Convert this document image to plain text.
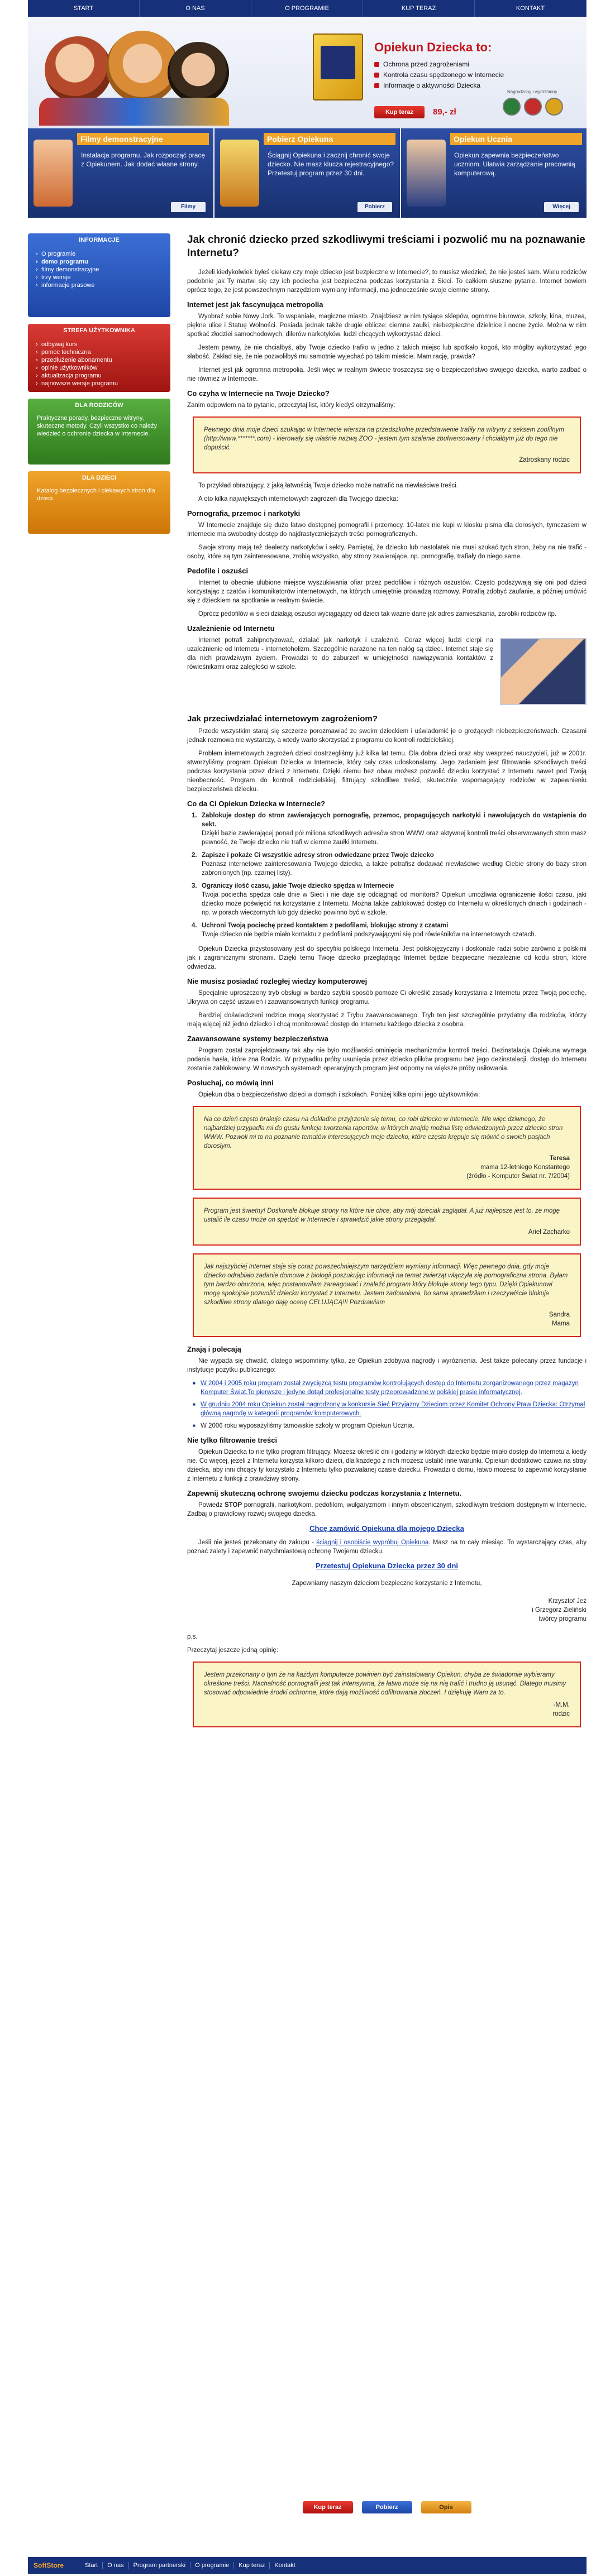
START	O NAS	O PROGRAMIE	KUP TERAZ	KONTAKT
Opiekun Dziecka to:
Ochrona przed zagrożeniami
Kontrola czasu spędzonego w Internecie
Informacje o aktywności Dziecka
Kup teraz	89,- zł
Nagrodzony i wyróżniony
Filmy demonstracyjne

Instalacja programu. Jak rozpocząć pracę z Opiekunem. Jak dodać własne strony.

Filmy
Pobierz Opiekuna

Ściągnij Opiekuna i zacznij chronić swoje dziecko. Nie masz klucza rejestracyjnego? Przetestuj program przez 30 dni.

Pobierz
Opiekun Ucznia

Opiekun zapewnia bezpieczeństwo uczniom. Ułatwia zarządzanie pracownią komputerową.

Więcej
INFORMACJE
› O programie
› demo programu
› filmy demonstracyjne
› trzy wersje
› informacje prasowe
STREFA UŻYTKOWNIKA
› odbywaj kurs
› pomoc techniczna
› przedłużenie abonamentu
› opinie użytkowników
› aktualizacja programu
› najnowsze wersje programu
DLA RODZICÓW

Praktyczne porady, bezpieczne witryny, skuteczne metody. Czyli wszystko co należy wiedzieć o ochronie dziecka w Internecie.

DLA DZIECI

Katalog bezpiecznych i ciekawych stron dla dzieci.

Jak chronić dziecko przed szkodliwymi treściami i pozwolić mu na poznawanie Internetu?

Jeżeli kiedykolwiek byłeś ciekaw czy moje dziecko jest bezpieczne w Internecie?, to musisz wiedzieć, że nie jesteś sam. Wielu rodziców podobnie jak Ty martwi się czy ich pociecha jest bezpieczna podczas korzystania z Sieci. To całkiem słuszne pytanie. Internet bowiem oprócz tego, że jest powszechnym narzędziem wymiany informacji, ma jednocześnie swoje ciemne strony.

Internet jest jak fascynująca metropolia

Wyobraź sobie Nowy Jork. To wspaniałe, magiczne miasto. Znajdziesz w nim tysiące sklepów, ogromne biurowce, szkoły, kina, muzea, piękne ulice i Statuę Wolności. Posiada jednak także drugie oblicze: ciemne zaułki, niebezpieczne dzielnice i nocne życie. Można w nim spotkać złodziei samochodowych, dilerów narkotyków, ludzi chcących wykorzystać dzieci.

Jestem pewny, że nie chciałbyś, aby Twoje dziecko trafiło w jedno z takich miejsc lub spotkało kogoś, kto mógłby wykorzystać jego słabość. Zakład się, że nie pozwoliłbyś mu samotnie wyjechać po takim mieście. Mam rację, prawda?

Internet jest jak ogromna metropolia. Jeśli więc w realnym świecie troszczysz się o bezpieczeństwo swojego dziecka, warto zadbać o nie również w Internecie.

Co czyha w Internecie na Twoje Dziecko?

Zanim odpowiem na to pytanie, przeczytaj list, który kiedyś otrzymaliśmy:

Pewnego dnia moje dzieci szukając w Internecie wiersza na przedszkolne przedstawienie trafiły na witryny z seksem zoofilnym (http://www.*******.com) - kierowały się właśnie nazwą ZOO - jestem tym szalenie zbulwersowany i chciałbym już do tego nie dopuścić.
Zatroskany rodzic

To przykład obrazujący, z jaką łatwością Twoje dziecko może natrafić na niewłaściwe treści.

A oto kilka największych internetowych zagrożeń dla Twojego dziecka:

Pornografia, przemoc i narkotyki

W Internecie znajduje się dużo łatwo dostępnej pornografii i przemocy. 10-latek nie kupi w kiosku pisma dla dorosłych, tymczasem w Internecie ma swobodny dostęp do najdrastyczniejszych treści pornograficznych.

Swoje strony mają też dealerzy narkotyków i sekty. Pamiętaj, że dziecko lub nastolatek nie musi szukać tych stron, żeby na nie trafić - osoby, które są tym zainteresowane, zrobią wszystko, aby strony zawierające, np. pornografię, trafiały do niego same.

Pedofile i oszuści

Internet to obecnie ulubione miejsce wyszukiwania ofiar przez pedofilów i różnych oszustów. Często podszywają się oni pod dzieci korzystając z czatów i komunikatorów internetowych, na których umiejętnie prowadzą rozmowy. Potrafią zdobyć zaufanie, a później umówić się z dzieckiem na spotkanie w realnym świecie.

Oprócz pedofilów w sieci działają oszuści wyciągający od dzieci tak ważne dane jak adres zamieszkania, zarobki rodziców itp.

Uzależnienie od Internetu

Internet potrafi zahipnotyzować, działać jak narkotyk i uzależnić. Coraz więcej ludzi cierpi na uzależnienie od Internetu - internetoholizm. Szczególnie narażone na ten nałóg są dzieci. Internet staje się dla nich prawdziwym życiem. Prowadzi to do zaburzeń w umiejętności nawiązywania kontaktów z rówieśnikami oraz zaległości w szkole.

Jak przeciwdziałać internetowym zagrożeniom?

Przede wszystkim staraj się szczerze porozmawiać ze swoim dzieckiem i uświadomić je o grożących niebezpieczeństwach. Czasami jednak rozmowa nie wystarczy, a wtedy warto skorzystać z programu do kontroli rodzicielskiej.

Problem internetowych zagrożeń dzieci dostrzegliśmy już kilka lat temu. Dla dobra dzieci oraz aby wesprzeć nauczycieli, już w 2001r. stworzyliśmy program Opiekun Dziecka w Internecie, który cały czas udoskonalamy. Jego zadaniem jest filtrowanie szkodliwych treści podczas korzystania przez dzieci z Internetu. Dzięki niemu bez obaw możesz pozwolić dziecku korzystać z Internetu nawet pod Twoją nieobecność. Program do kontroli rodzicielskiej, filtrujący szkodliwe treści, skutecznie wspomagający rodziców w zapewnieniu bezpieczeństwa dziecku.

Co da Ci Opiekun Dziecka w Internecie?
1. Zablokuje dostęp do stron zawierających pornografię, przemoc, propagujących narkotyki i nawołujących do wstąpienia do sekt.
Dzięki bazie zawierającej ponad pół miliona szkodliwych adresów stron WWW oraz aktywnej kontroli treści obserwowanych stron masz pewność, że Twoje dziecko nie trafi w ciemne zaułki Internetu.
2. Zapisze i pokaże Ci wszystkie adresy stron odwiedzane przez Twoje dziecko
Poznasz internetowe zainteresowania Twojego dziecka, a także potrafisz dodawać niewłaściwe według Ciebie strony do bazy stron zabronionych (np. czarnej listy).
3. Ograniczy ilość czasu, jakie Twoje dziecko spędza w Internecie
Twoja pociecha spędza całe dnie w Sieci i nie daje się odciągnąć od monitora? Opiekun umożliwia ograniczenie ilości czasu, jaki dziecko może poświęcić na korzystanie z Internetu. Można także zablokować dostęp do Internetu w określonych dniach i godzinach - np. w porach wieczornych lub gdy dziecko powinno być w szkole.
4. Uchroni Twoją pociechę przed kontaktem z pedofilami, blokując strony z czatami
Twoje dziecko nie będzie miało kontaktu z pedofilami podszywającymi się pod rówieśników na internetowych czatach.

Opiekun Dziecka przystosowany jest do specyfiki polskiego Internetu. Jest polskojęzyczny i doskonale radzi sobie zarówno z polskimi jak i zagranicznymi stronami. Dzięki temu Twoje dziecko przeglądając Internet będzie bezpieczne niezależnie od kodu stron, które odwiedza.

Nie musisz posiadać rozległej wiedzy komputerowej

Specjalnie uproszczony tryb obsługi w bardzo szybki sposób pomoże Ci określić zasady korzystania z Internetu przez Twoją pociechę. Ukrywa on część ustawień i zaawansowanych funkcji programu.

Bardziej doświadczeni rodzice mogą skorzystać z Trybu zaawansowanego. Tryb ten jest szczególnie przydatny dla rodziców, którzy mają więcej niż jedno dziecko i chcą monitorować dostęp do Internetu każdego dziecka z osobna.

Zaawansowane systemy bezpieczeństwa

Program został zaprojektowany tak aby nie było możliwości ominięcia mechanizmów kontroli treści. Dezinstalacja Opiekuna wymaga podania hasła, które zna Rodzic. W przypadku próby usunięcia przez dziecko plików programu bez jego dezinstalacji, dostęp do Internetu zostanie zablokowany. W nowszych systemach operacyjnych program jest odporny na większe próby usiłowania.

Posłuchaj, co mówią inni

Opiekun dba o bezpieczeństwo dzieci w domach i szkołach. Poniżej kilka opinii jego użytkowników:

Na co dzień często brakuje czasu na dokładne przyjrzenie się temu, co robi dziecko w Internecie. Nie więc dziwnego, że najbardziej przypadła mi do gustu funkcja tworzenia raportów, w których znajdę można listę odwiedzonych przez dziecko stron WWW. Pozwoli mi to na poznanie tematów interesujących moje dziecko, które często krępuje się mówić o swoich pasjach dorosłym.
Teresa
mama 12-letniego Konstantego
(źródło - Komputer Świat nr. 7/2004)
Program jest świetny! Doskonale blokuje strony na które nie chce, aby mój dzieciak zaglądał. A już najlepsze jest to, że mogę ustalić ile czasu może on spędzić w Internecie i sprawdzić jakie strony przeglądał.
Ariel Zacharko
Jak najszybciej Internet staje się coraz powszechniejszym narzędziem wymiany informacji. Więc pewnego dnia, gdy moje dziecko odrabiało zadanie domowe z biologii poszukując informacji na temat zwierząt włączyła się pornograficzna strona. Byłam tym bardzo oburzona, więc postanowiłam zareagować i znaleźć program który blokuje strony tego typu. Dzięki Opiekunowi mogę spokojnie pozwolić dziecku korzystać z Internetu. Jestem zadowolona, bo sama sprawdziłam i rzeczywiście blokuje szkodliwe strony dlatego daję ocenę CELUJĄCĄ!!! Pozdrawiam
Sandra
Mama
Znają i polecają

Nie wypada się chwalić, dlatego wspomnimy tylko, że Opiekun zdobywa nagrody i wyróżnienia. Jest także polecany przez fundacje i instytucje pożytku publicznego:

■ W 2004 i 2005 roku program został zwycięzcą testu programów kontrolujących dostęp do Internetu zorganizowanego przez magazyn Komputer Świat.To pierwsze i jedyne dotąd profesjonalne testy przeprowadzone w polskiej prasie informatycznej.
■ W grudniu 2004 roku Opiekun został nagrodzony w konkursie Sieć Przyjazny Dzieciom przez Komitet Ochrony Praw Dziecka: Otrzymał główną nagrodę w kategorii programów komputerowych.
■ W 2006 roku wyposażyliśmy tamowskie szkoły w program Opiekun Ucznia.
Nie tylko filtrowanie treści

Opiekun Dziecka to nie tylko program filtrujący. Możesz określić dni i godziny w których dziecko będzie miało dostęp do Internetu a kiedy nie. Co więcej, jeżeli z Internetu korzysta kilkoro dzieci, dla każdego z nich możesz ustalić inne warunki. Opiekun dodatkowo czuwa na stray dziecka, aby inni chcący ty korzystało z Internetu tylko pozwalanej czasie dziecku. Prowadzi o domu, łatwo możesz to zapewnić korzystanie z Internetu z funkcji z prawdziwy strony.

Zapewnij skuteczną ochronę swojemu dziecku podczas korzystania z Internetu.

Powiedz STOP pornografii, narkotykom, pedofilom, wulgaryzmom i innym obscenicznym, szkodliwym treściom dostępnym w Internecie. Zadbaj o prawidłowy rozwój swojego dziecka.

Chcę zamówić Opiekuna dla mojego Dziecka

Jeśli nie jesteś przekonany do zakupu - ściągnij i osobiście wypróbuj Opiekuna. Masz na to cały miesiąc. To wystarczający czas, aby poznać zalety i zapewnić natychmiastową ochronę Twojemu dziecku.

Przetestuj Opiekuna Dziecka przez 30 dni

Zapewniamy naszym dzieciom bezpieczne korzystanie z Internetu,

Krzysztof Jeż
i Grzegorz Zieliński
twórcy programu

p.s.

Przeczytaj jeszcze jedną opinię:

Jestem przekonany o tym że na każdym komputerze powinien być zainstalowany Opiekun, chyba że świadomie wybieramy określone treści. Nachalność pornografii jest tak intensywna, że łatwo może się na nią trafić i trudno ją usunąć. Dlatego musimy stosować odpowiednie środki ochronne, które dają możliwość odfiltrowania złoczeń. I dziękuję Wam za to.
-M.M.
rodzic
Kup teraz	Pobierz	Opis
SoftStore	Start	O nas	Program partnerski	O programie	Kup teraz	Kontakt
